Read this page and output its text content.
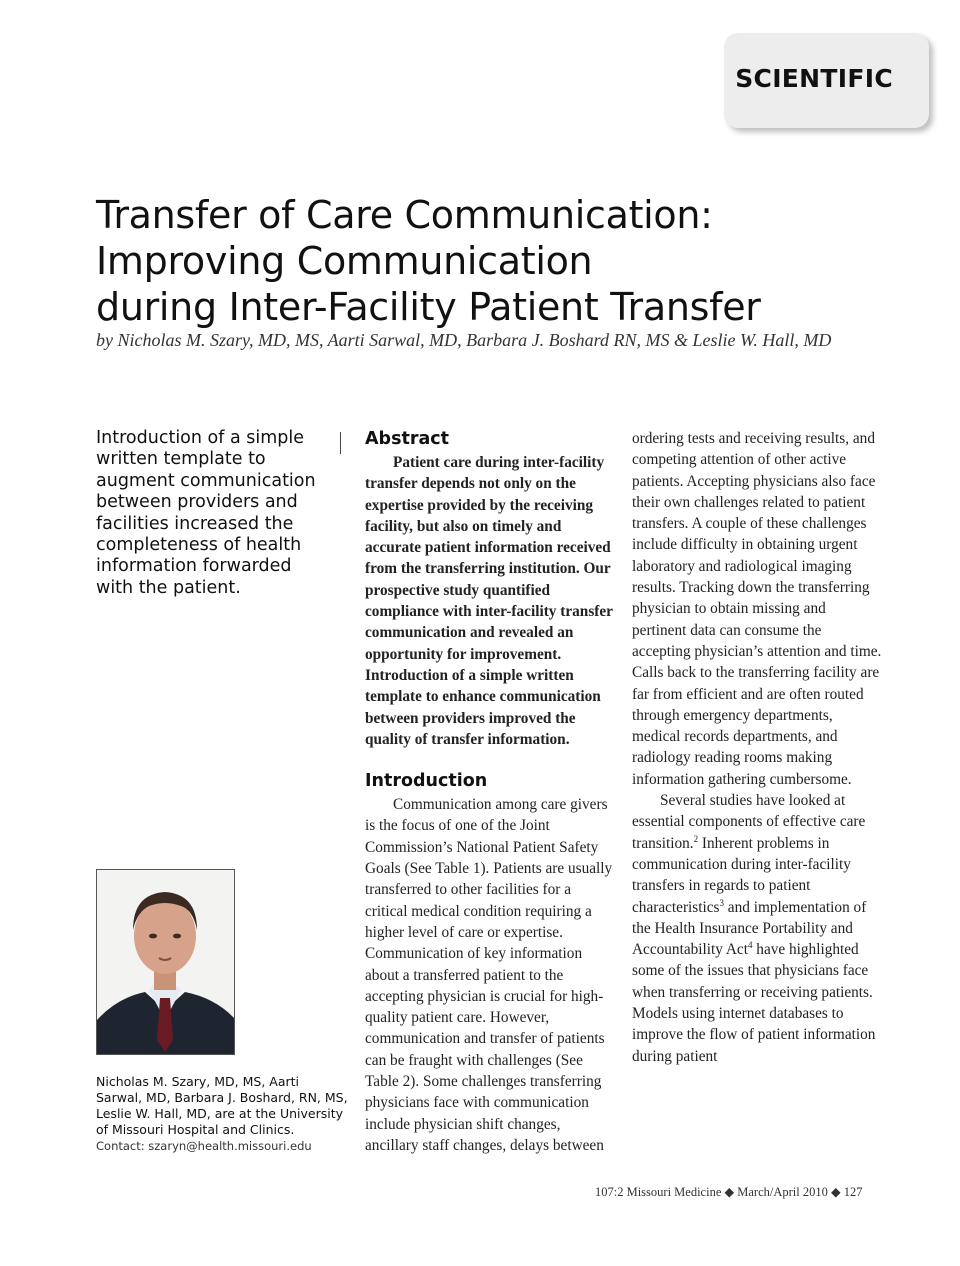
SCIENTIFIC
Transfer of Care Communication:
Improving Communication
during Inter-Facility Patient Transfer
by Nicholas M. Szary, MD, MS, Aarti Sarwal, MD, Barbara J. Boshard RN, MS & Leslie W. Hall, MD
Introduction of a simple written template to augment communication between providers and facilities increased the completeness of health information forwarded with the patient.
Nicholas M. Szary, MD, MS, Aarti Sarwal, MD, Barbara J. Boshard, RN, MS, Leslie W. Hall, MD, are at the University of Missouri Hospital and Clinics.
Contact: szaryn@health.missouri.edu
Abstract

Patient care during inter-facility transfer depends not only on the expertise provided by the receiving facility, but also on timely and accurate patient information received from the transferring institution. Our prospective study quantified compliance with inter-facility transfer communication and revealed an opportunity for improvement. Introduction of a simple written template to enhance communication between providers improved the quality of transfer information.

Introduction

Communication among care givers is the focus of one of the Joint Commission’s National Patient Safety Goals (See Table 1). Patients are usually transferred to other facilities for a critical medical condition requiring a higher level of care or expertise. Communication of key information about a transferred patient to the accepting physician is crucial for high-quality patient care. However, communication and transfer of patients can be fraught with challenges (See Table 2). Some challenges transferring physicians face with communication include physician shift changes, ancillary staff changes, delays between

ordering tests and receiving results, and competing attention of other active patients. Accepting physicians also face their own challenges related to patient transfers. A couple of these challenges include difficulty in obtaining urgent laboratory and radiological imaging results. Tracking down the transferring physician to obtain missing and pertinent data can consume the accepting physician’s attention and time. Calls back to the transferring facility are far from efficient and are often routed through emergency departments, medical records departments, and radiology reading rooms making information gathering cumbersome.

Several studies have looked at essential components of effective care transition.$^2$ Inherent problems in communication during inter-facility transfers in regards to patient characteristics$^3$ and implementation of the Health Insurance Portability and Accountability Act$^4$ have highlighted some of the issues that physicians face when transferring or receiving patients. Models using internet databases to improve the flow of patient information during patient

107:2 Missouri Medicine ◆ March/April 2010 ◆ 127
